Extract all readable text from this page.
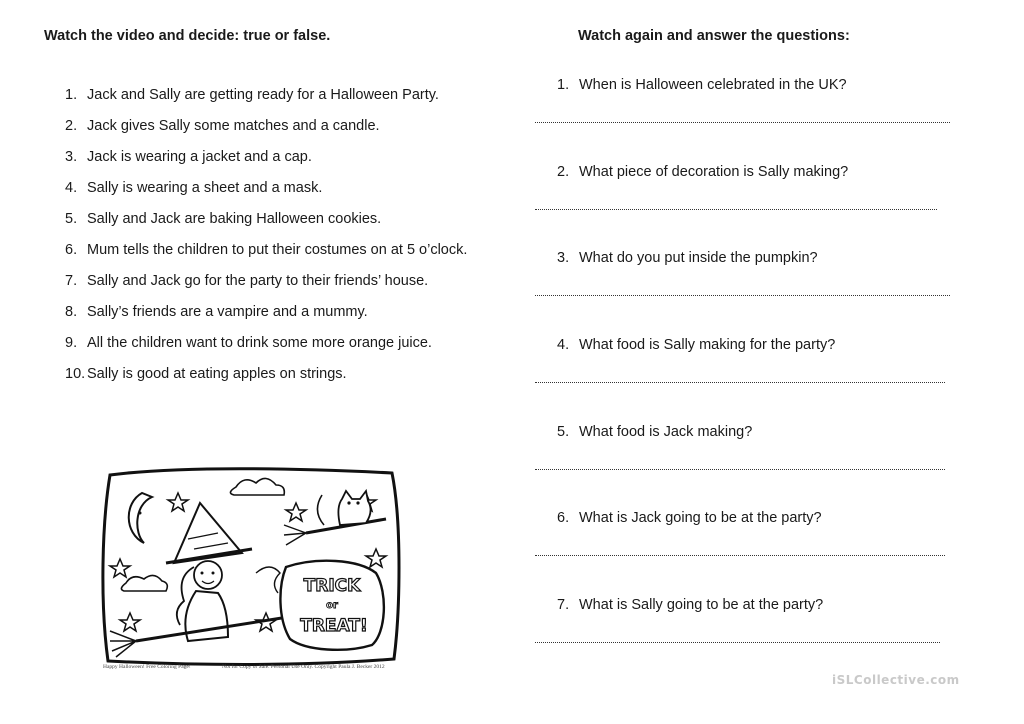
Watch the video and decide: true or false.	Watch again and answer the questions:
1. Jack and Sally are getting ready for a Halloween Party.
2. Jack gives Sally some matches and a candle.
3. Jack is wearing a jacket and a cap.
4. Sally is wearing a sheet and a mask.
5. Sally and Jack are baking Halloween cookies.
6. Mum tells the children to put their costumes on at 5 o’clock.
7. Sally and Jack go for the party to their friends’ house.
8. Sally’s friends are a vampire and a mummy.
9. All the children want to drink some more orange juice.
10. Sally is good at eating apples on strings.
1. When is Halloween celebrated in the UK?
2. What piece of decoration is Sally making?
3. What do you put inside the pumpkin?
4. What food is Sally making for the party?
5. What food is Jack making?
6. What is Jack going to be at the party?
7. What is Sally going to be at the party?
TRICK
or
TREAT!
Happy Halloween! Free Coloring Page!	Not for Copy or Sale. Personal Use Only. Copyright Paula J. Becker 2012
iSLCollective.com
